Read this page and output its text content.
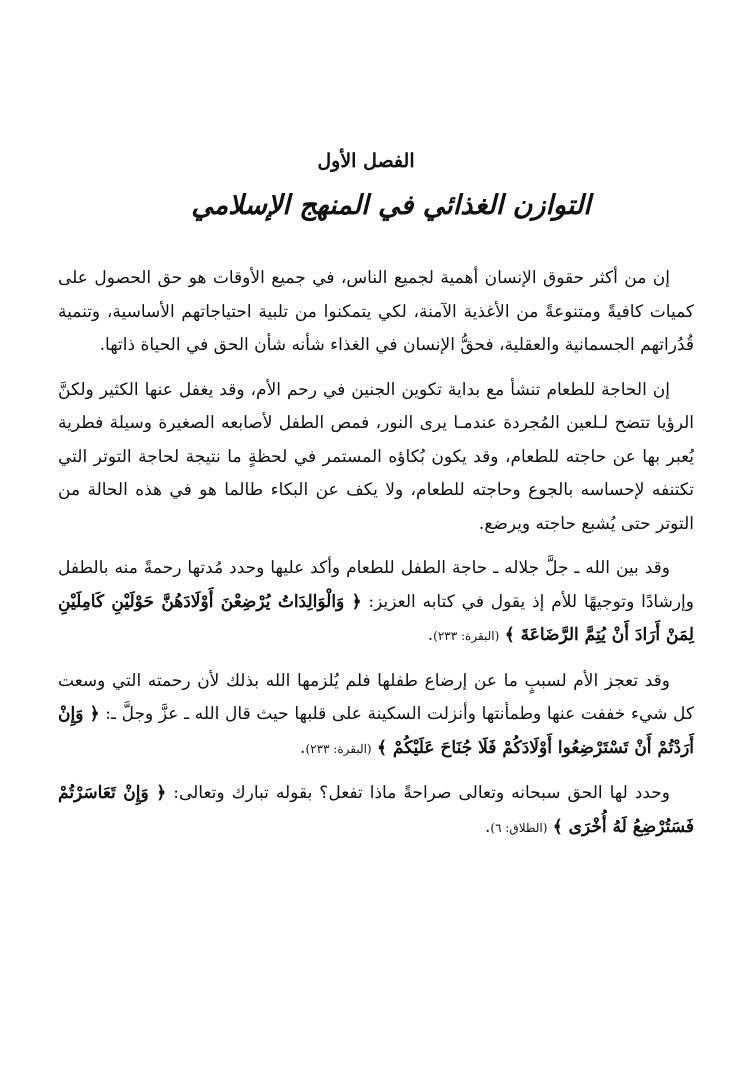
الفصل الأول
التوازن الغذائي في المنهج الإسلامي

إن من أكثر حقوق الإنسان أهمية لجميع الناس، في جميع الأوقات هو حق الحصول على كميات كافيةً ومتنوعةً من الأغذية الآمنة، لكي يتمكنوا من تلبية احتياجاتهم الأساسية، وتنمية قُدُراتهم الجسمانية والعقلية، فحقُّ الإنسان في الغذاء شأنه شأن الحق في الحياة ذاتها.

إن الحاجة للطعام تنشأ مع بداية تكوين الجنين في رحم الأم، وقد يغفل عنها الكثير ولكنَّ الرؤيا تتضح لـلعين المُجردة عندمـا يرى النور، فمص الطفل لأصابعه الصغيرة وسيلة فطرية يُعبر بها عن حاجته للطعام، وقد يكون بُكاؤه المستمر في لحظةٍ ما نتيجة لحاجة التوتر التي تكتنفه لإحساسه بالجوع وحاجته للطعام، ولا يكف عن البكاء طالما هو في هذه الحالة من التوتر حتى يُشبع حاجته ويرضع.

وقد بين الله ـ جلَّ جلاله ـ حاجة الطفل للطعام وأكد عليها وحدد مُدتها رحمةً منه بالطفل وإرشادًا وتوجيهًا للأم إذ يقول في كتابه العزيز: ﴿ وَالْوَالِدَاتُ يُرْضِعْنَ أَوْلَادَهُنَّ حَوْلَيْنِ كَامِلَيْنِ لِمَنْ أَرَادَ أَنْ يُتِمَّ الرَّضَاعَةَ ﴾ (البقرة: ٢٣٣).

وقد تعجز الأم لسببٍ ما عن إرضاع طفلها فلم يُلزمها الله بذلك لأن رحمته التي وسعت كل شيء خففت عنها وطمأنتها وأنزلت السكينة على قلبها حيث قال الله ـ عزَّ وجلَّ ـ: ﴿ وَإِنْ أَرَدْتُمْ أَنْ تَسْتَرْضِعُوا أَوْلَادَكُمْ فَلَا جُنَاحَ عَلَيْكُمْ ﴾ (البقرة: ٢٣٣).

وحدد لها الحق سبحانه وتعالى صراحةً ماذا تفعل؟ بقوله تبارك وتعالى: ﴿ وَإِنْ تَعَاسَرْتُمْ فَسَتُرْضِعُ لَهُ أُخْرَى ﴾ (الطلاق: ٦).
